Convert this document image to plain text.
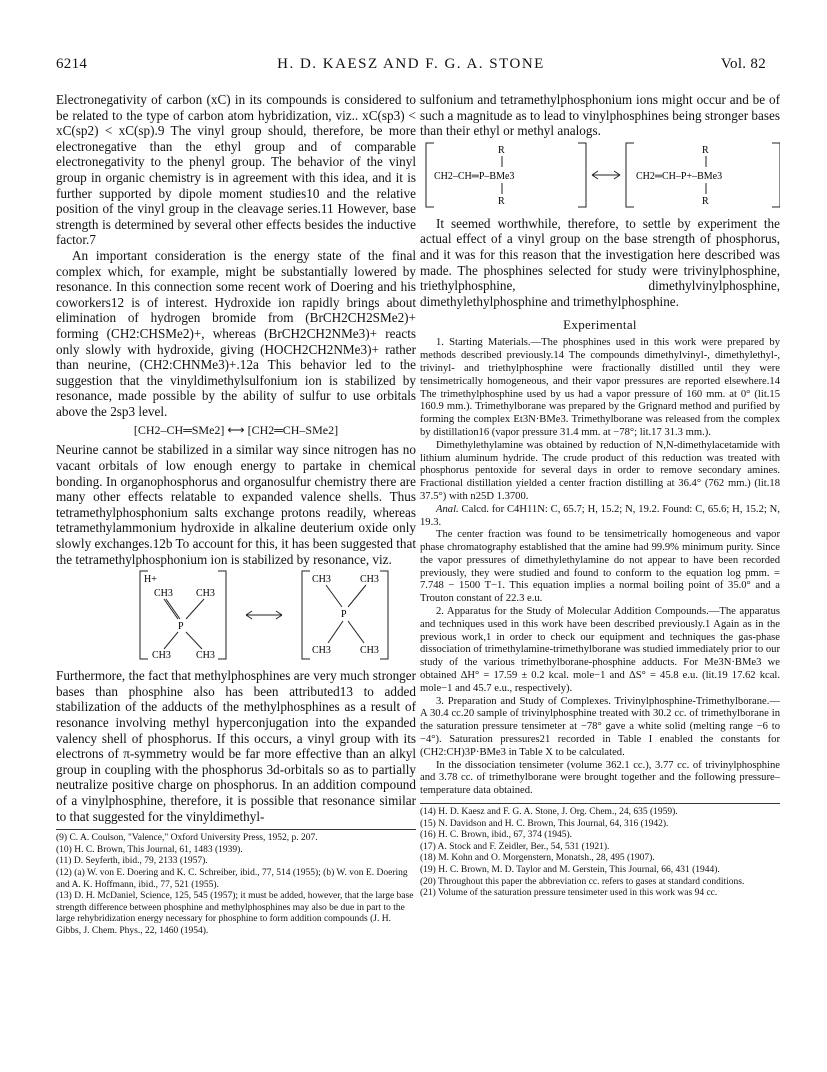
6214	H. D. KAESZ AND F. G. A. STONE	Vol. 82

Electronegativity of carbon (xC) in its compounds is considered to be related to the type of carbon atom hybridization, viz.. xC(sp3) < xC(sp2) < xC(sp).9 The vinyl group should, therefore, be more electronegative than the ethyl group and of comparable electronegativity to the phenyl group. The behavior of the vinyl group in organic chemistry is in agreement with this idea, and it is further supported by dipole moment studies10 and the relative position of the vinyl group in the cleavage series.11 However, base strength is determined by several other effects besides the inductive factor.7

An important consideration is the energy state of the final complex which, for example, might be substantially lowered by resonance. In this connection some recent work of Doering and his coworkers12 is of interest. Hydroxide ion rapidly brings about elimination of hydrogen bromide from (BrCH2CH2SMe2)+ forming (CH2:CHSMe2)+, whereas (BrCH2CH2NMe3)+ reacts only slowly with hydroxide, giving (HOCH2CH2NMe3)+ rather than neurine, (CH2:CHNMe3)+.12a This behavior led to the suggestion that the vinyldimethylsulfonium ion is stabilized by resonance, made possible by the ability of sulfur to use orbitals above the 2sp3 level.

[CH2–CH═SMe2] ⟷ [CH2═CH–SMe2]

Neurine cannot be stabilized in a similar way since nitrogen has no vacant orbitals of low enough energy to partake in chemical bonding. In organophosphorus and organosulfur chemistry there are many other effects relatable to expanded valence shells. Thus tetramethylphosphonium salts exchange protons readily, whereas tetramethylammonium hydroxide in alkaline deuterium oxide only slowly exchanges.12b To account for this, it has been suggested that the tetramethylphosphonium ion is stabilized by resonance, viz.

H+
CH3 CH3
P
CH3	CH3
CH3	CH3
P
CH3	CH3

Furthermore, the fact that methylphosphines are very much stronger bases than phosphine also has been attributed13 to added stabilization of the adducts of the methylphosphines as a result of resonance involving methyl hyperconjugation into the expanded valency shell of phosphorus. If this occurs, a vinyl group with its electrons of π-symmetry would be far more effective than an alkyl group in coupling with the phosphorus 3d-orbitals so as to partially neutralize positive charge on phosphorus. In an addition compound of a vinylphosphine, therefore, it is possible that resonance similar to that suggested for the vinyldimethyl-

(9) C. A. Coulson, "Valence," Oxford University Press, 1952, p. 207.

(10) H. C. Brown, This Journal, 61, 1483 (1939).

(11) D. Seyferth, ibid., 79, 2133 (1957).

(12) (a) W. von E. Doering and K. C. Schreiber, ibid., 77, 514 (1955); (b) W. von E. Doering and A. K. Hoffmann, ibid., 77, 521 (1955).

(13) D. H. McDaniel, Science, 125, 545 (1957); it must be added, however, that the large base strength difference between phosphine and methylphosphines may also be due in part to the large rehybridization energy necessary for phosphine to form addition compounds (J. H. Gibbs, J. Chem. Phys., 22, 1460 (1954).

sulfonium and tetramethylphosphonium ions might occur and be of such a magnitude as to lead to vinylphosphines being stronger bases than their ethyl or methyl analogs.

R
CH2–CH═P–BMe3
R
R
CH2═CH–P+–BMe3
R

It seemed worthwhile, therefore, to settle by experiment the actual effect of a vinyl group on the base strength of phosphorus, and it was for this reason that the investigation here described was made. The phosphines selected for study were trivinylphosphine, triethylphosphine, dimethylvinylphosphine, dimethylethylphosphine and trimethylphosphine.

Experimental

1. Starting Materials.—The phosphines used in this work were prepared by methods described previously.14 The compounds dimethylvinyl-, dimethylethyl-, trivinyl- and triethylphosphine were fractionally distilled until they were tensimetrically homogeneous, and their vapor pressures are reported elsewhere.14 The trimethylphosphine used by us had a vapor pressure of 160 mm. at 0° (lit.15 160.9 mm.). Trimethylborane was prepared by the Grignard method and purified by forming the complex Et3N·BMe3. Trimethylborane was released from the complex by distillation16 (vapor pressure 31.4 mm. at −78°; lit.17 31.3 mm.).

Dimethylethylamine was obtained by reduction of N,N-dimethylacetamide with lithium aluminum hydride. The crude product of this reduction was treated with phosphorus pentoxide for several days in order to remove secondary amines. Fractional distillation yielded a center fraction distilling at 36.4° (762 mm.) (lit.18 37.5°) with n25D 1.3700.

Anal. Calcd. for C4H11N: C, 65.7; H, 15.2; N, 19.2. Found: C, 65.6; H, 15.2; N, 19.3.

The center fraction was found to be tensimetrically homogeneous and vapor phase chromatography established that the amine had 99.9% minimum purity. Since the vapor pressures of dimethylethylamine do not appear to have been recorded previously, they were studied and found to conform to the equation log pmm. = 7.748 − 1500 T−1. This equation implies a normal boiling point of 35.0° and a Trouton constant of 22.3 e.u.

2. Apparatus for the Study of Molecular Addition Compounds.—The apparatus and techniques used in this work have been described previously.1 Again as in the previous work,1 in order to check our equipment and techniques the gas-phase dissociation of trimethylamine-trimethylborane was studied immediately prior to our study of the various trimethylborane-phosphine adducts. For Me3N·BMe3 we obtained ΔH° = 17.59 ± 0.2 kcal. mole−1 and ΔS° = 45.8 e.u. (lit.19 17.62 kcal. mole−1 and 45.7 e.u., respectively).

3. Preparation and Study of Complexes. Trivinylphosphine-Trimethylborane.—A 30.4 cc.20 sample of trivinylphosphine treated with 30.2 cc. of trimethylborane in the saturation pressure tensimeter at −78° gave a white solid (melting range −6 to −4°). Saturation pressures21 recorded in Table I enabled the constants for (CH2:CH)3P·BMe3 in Table X to be calculated.

In the dissociation tensimeter (volume 362.1 cc.), 3.77 cc. of trivinylphosphine and 3.78 cc. of trimethylborane were brought together and the following pressure–temperature data obtained.

(14) H. D. Kaesz and F. G. A. Stone, J. Org. Chem., 24, 635 (1959).

(15) N. Davidson and H. C. Brown, This Journal, 64, 316 (1942).

(16) H. C. Brown, ibid., 67, 374 (1945).

(17) A. Stock and F. Zeidler, Ber., 54, 531 (1921).

(18) M. Kohn and O. Morgenstern, Monatsh., 28, 495 (1907).

(19) H. C. Brown, M. D. Taylor and M. Gerstein, This Journal, 66, 431 (1944).

(20) Throughout this paper the abbreviation cc. refers to gases at standard conditions.

(21) Volume of the saturation pressure tensimeter used in this work was 94 cc.
